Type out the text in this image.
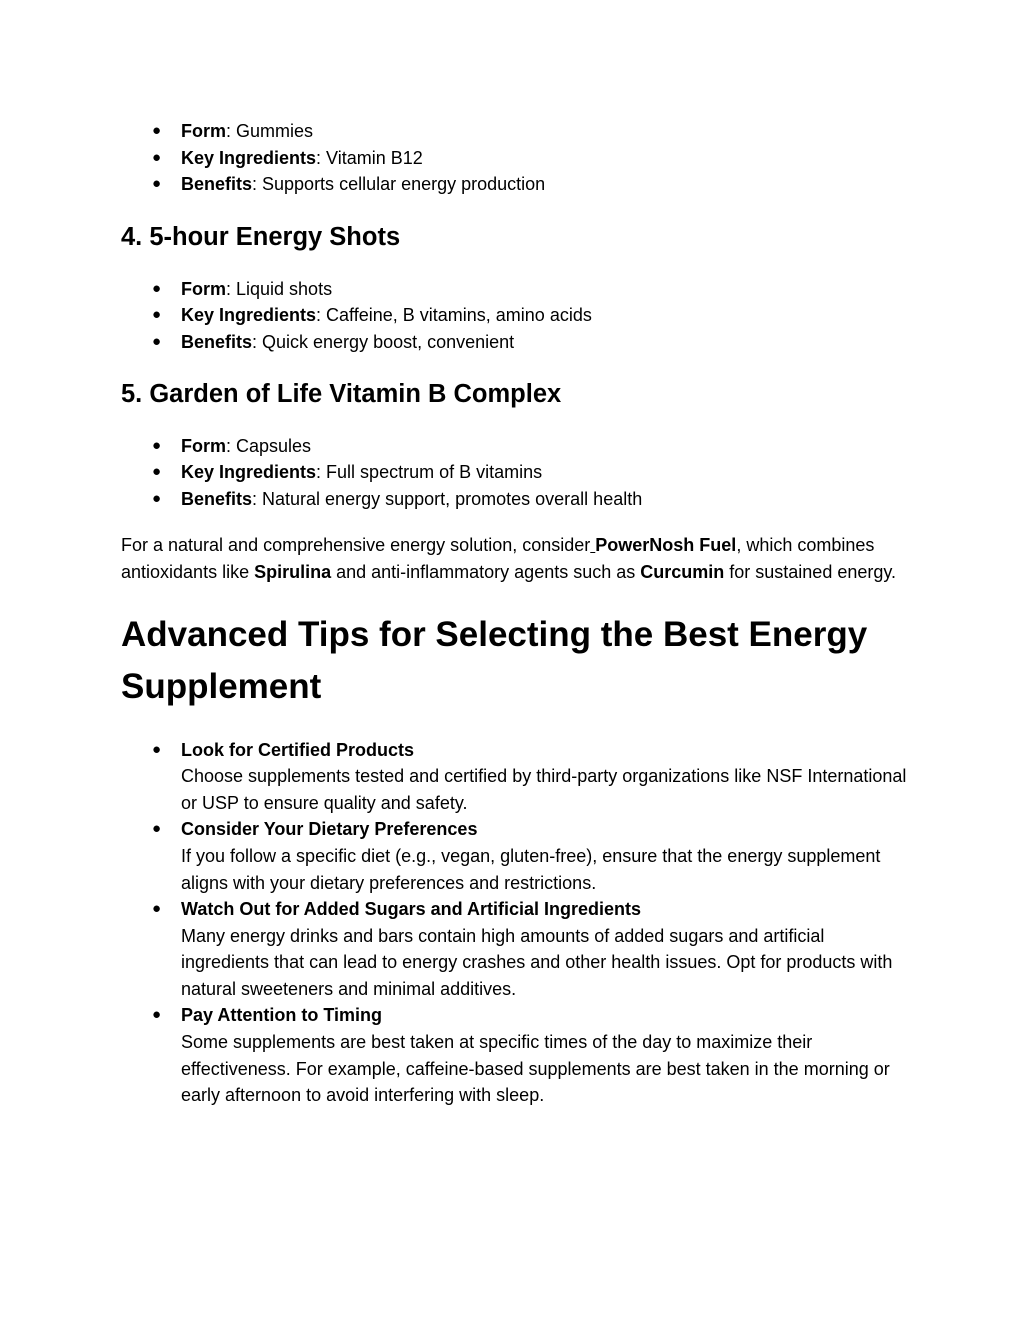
● Form: Gummies
● Key Ingredients: Vitamin B12
● Benefits: Supports cellular energy production
4. 5-hour Energy Shots
● Form: Liquid shots
● Key Ingredients: Caffeine, B vitamins, amino acids
● Benefits: Quick energy boost, convenient
5. Garden of Life Vitamin B Complex
● Form: Capsules
● Key Ingredients: Full spectrum of B vitamins
● Benefits: Natural energy support, promotes overall health

For a natural and comprehensive energy solution, consider PowerNosh Fuel, which combines antioxidants like Spirulina and anti-inflammatory agents such as Curcumin for sustained energy.

Advanced Tips for Selecting the Best Energy Supplement
● Look for Certified Products
Choose supplements tested and certified by third-party organizations like NSF International or USP to ensure quality and safety.
● Consider Your Dietary Preferences
If you follow a specific diet (e.g., vegan, gluten-free), ensure that the energy supplement aligns with your dietary preferences and restrictions.
● Watch Out for Added Sugars and Artificial Ingredients
Many energy drinks and bars contain high amounts of added sugars and artificial ingredients that can lead to energy crashes and other health issues. Opt for products with natural sweeteners and minimal additives.
● Pay Attention to Timing
Some supplements are best taken at specific times of the day to maximize their effectiveness. For example, caffeine-based supplements are best taken in the morning or early afternoon to avoid interfering with sleep.
